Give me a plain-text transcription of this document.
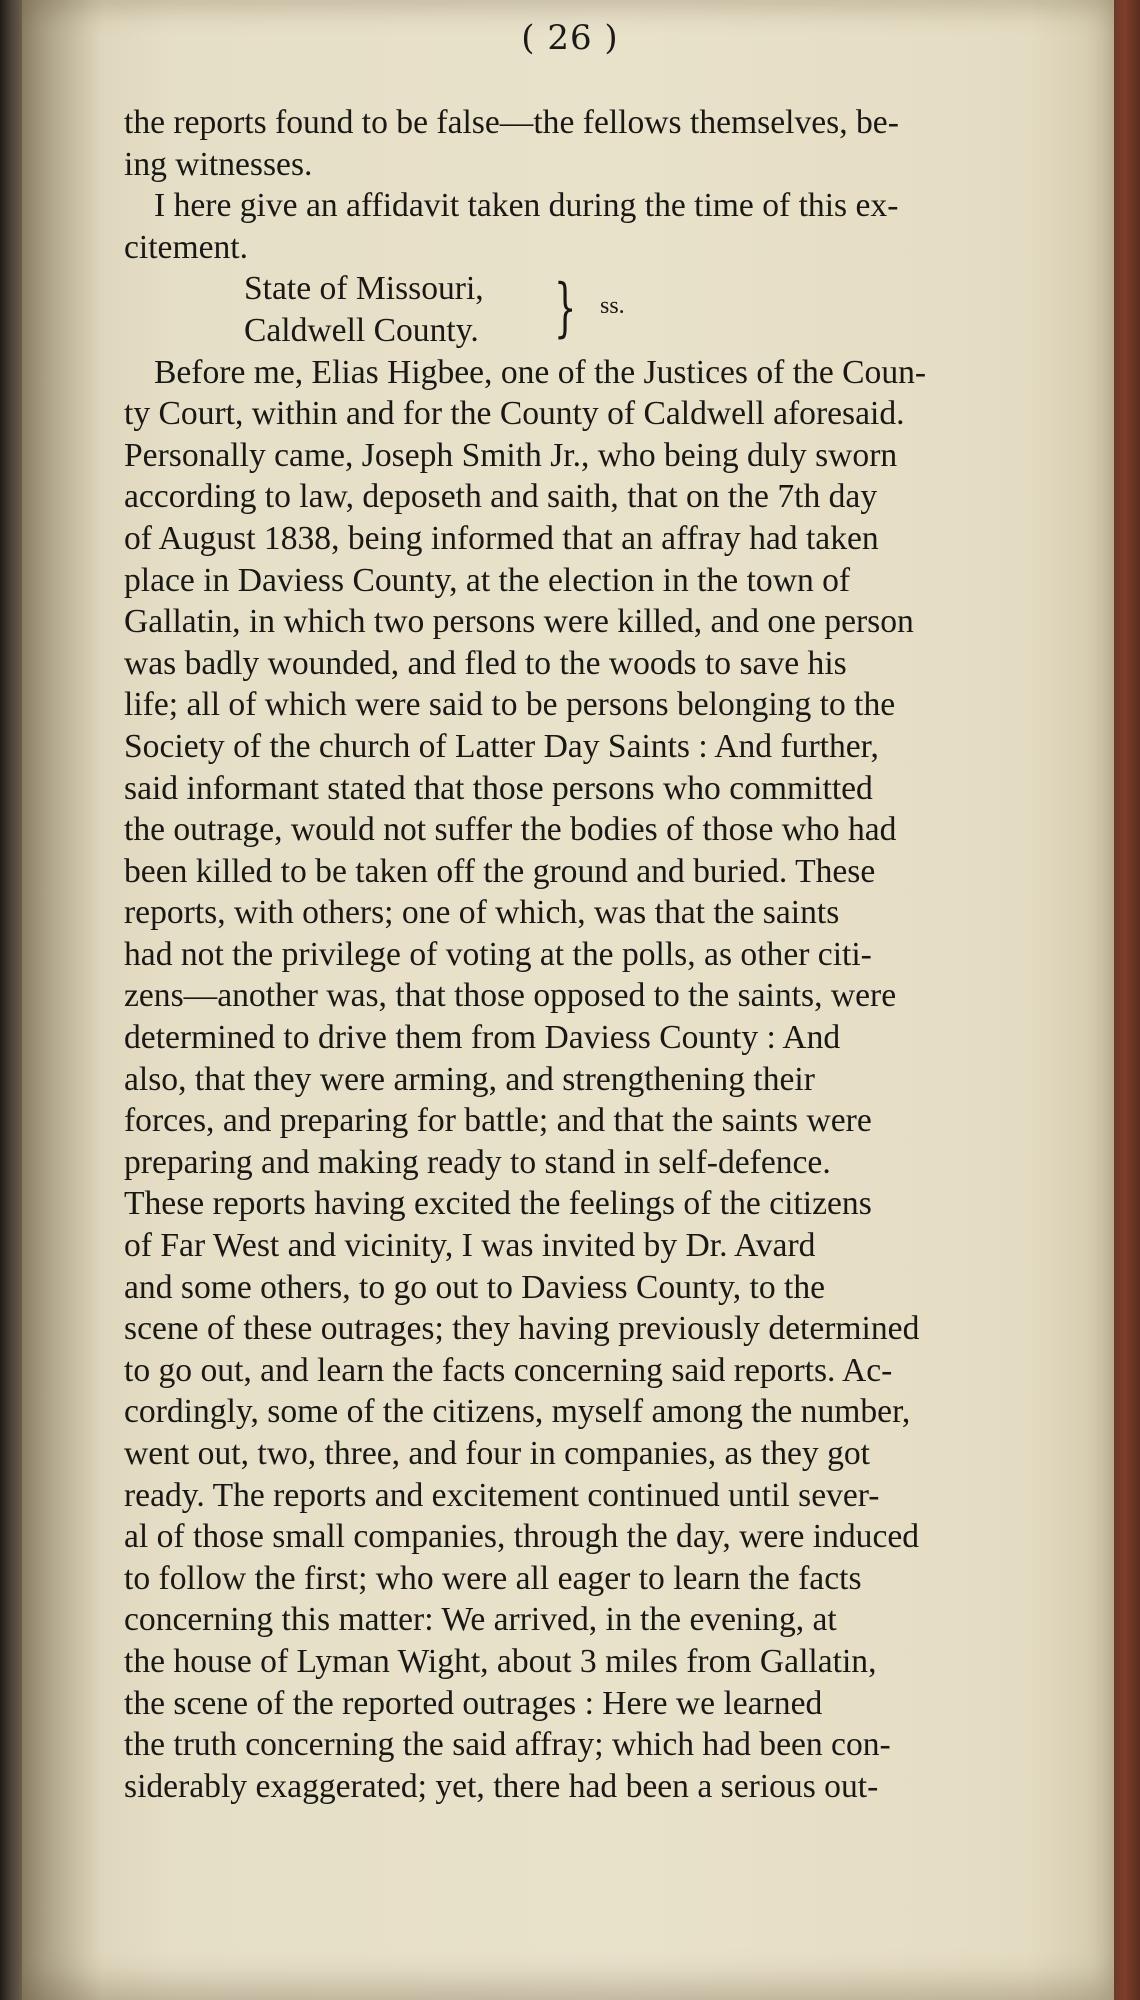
( 26 )
the reports found to be false—the fellows themselves, be-
ing witnesses.
I here give an affidavit taken during the time of this ex-
citement.
State of Missouri,
Caldwell County.	} ss.
Before me, Elias Higbee, one of the Justices of the Coun-
ty Court, within and for the County of Caldwell aforesaid.
Personally came, Joseph Smith Jr., who being duly sworn
according to law, deposeth and saith, that on the 7th day
of August 1838, being informed that an affray had taken
place in Daviess County, at the election in the town of
Gallatin, in which two persons were killed, and one person
was badly wounded, and fled to the woods to save his
life; all of which were said to be persons belonging to the
Society of the church of Latter Day Saints : And further,
said informant stated that those persons who committed
the outrage, would not suffer the bodies of those who had
been killed to be taken off the ground and buried. These
reports, with others; one of which, was that the saints
had not the privilege of voting at the polls, as other citi-
zens—another was, that those opposed to the saints, were
determined to drive them from Daviess County : And
also, that they were arming, and strengthening their
forces, and preparing for battle; and that the saints were
preparing and making ready to stand in self-defence.
These reports having excited the feelings of the citizens
of Far West and vicinity, I was invited by Dr. Avard
and some others, to go out to Daviess County, to the
scene of these outrages; they having previously determined
to go out, and learn the facts concerning said reports. Ac-
cordingly, some of the citizens, myself among the number,
went out, two, three, and four in companies, as they got
ready. The reports and excitement continued until sever-
al of those small companies, through the day, were induced
to follow the first; who were all eager to learn the facts
concerning this matter: We arrived, in the evening, at
the house of Lyman Wight, about 3 miles from Gallatin,
the scene of the reported outrages : Here we learned
the truth concerning the said affray; which had been con-
siderably exaggerated; yet, there had been a serious out-
